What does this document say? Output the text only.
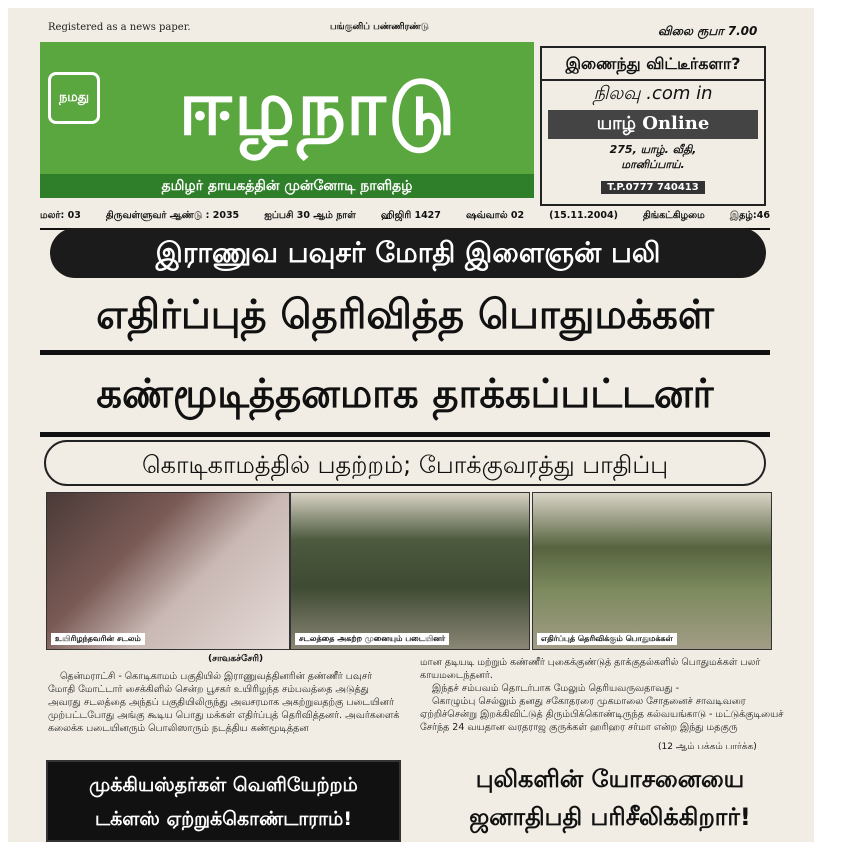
Registered as a news paper.	பங்குனிப் பண்ணிரண்டு	விலை ரூபா 7.00
நமது	ஈழநாடு
தமிழர் தாயகத்தின் முன்னோடி நாளிதழ்
இணைந்து விட்டீர்களா?
நிலவு .com in
யாழ் Online
275, யாழ். வீதி,
மானிப்பாய்.
T.P.0777 740413
மலர்: 03	திருவள்ளுவர் ஆண்டு : 2035	ஐப்பசி 30 ஆம் நாள்	ஹிஜிரி 1427	ஷவ்வால் 02	(15.11.2004)	திங்கட்கிழமை	இதழ்:46
இராணுவ பவுசர் மோதி இளைஞன் பலி
எதிர்ப்புத் தெரிவித்த பொதுமக்கள்
கண்மூடித்தனமாக தாக்கப்பட்டனர்
கொடிகாமத்தில் பதற்றம்; போக்குவரத்து பாதிப்பு
உயிரிழந்தவரின் சடலம்	சடலத்தை அகற்ற முனையும் படையினர்	எதிர்ப்புத் தெரிவிக்கும் பொதுமக்கள்
(சாவகச்சேரி)

தென்மராட்சி - கொடிகாமம் பகுதியில் இராணுவத்தினரின் தண்ணீர் பவுசர் மோதி மோட்டார் சைக்கிளில் சென்ற பூசகர் உயிரிழந்த சம்பவத்தை அடுத்து அவரது சடலத்தை அந்தப் பகுதியிலிருந்து அவசரமாக அகற்றுவதற்கு படையினர் முற்பட்டபோது அங்கு கூடிய பொது மக்கள் எதிர்ப்புத் தெரிவித்தனர். அவர்களைக் கலைக்க படையினரும் பொலிஸாரும் நடத்திய கண்மூடித்தன

மான தடியடி மற்றும் கண்ணீர் புகைக்குண்டுத் தாக்குதல்களில் பொதுமக்கள் பலர் காயமடைந்தனர்.

இந்தச் சம்பவம் தொடர்பாக மேலும் தெரியவருவதாவது -

கொழும்பு செல்லும் தனது சகோதரரை முகமாலை சோதனைச் சாவடிவரை ஏற்றிச்சென்று இறக்கிவிட்டுத் திரும்பிக்கொண்டிருந்த கல்வயங்காடு - மட்டுக்குடியைச் சேர்ந்த 24 வயதான வரதராஜ குருக்கள் ஹரிஹர சர்மா என்ற இந்து மதகுரு

(12 ஆம் பக்கம் பார்க்க)
முக்கியஸ்தர்கள் வெளியேற்றம்
டக்ளஸ் ஏற்றுக்கொண்டாராம்!
புலிகளின் யோசனையை
ஜனாதிபதி பரிசீலிக்கிறார்!
